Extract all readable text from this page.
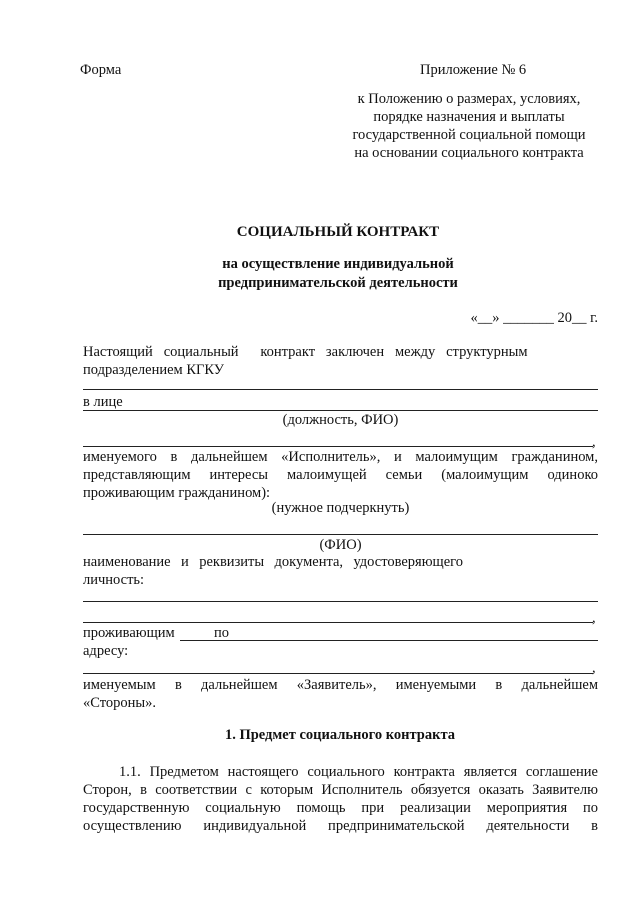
Форма	Приложение № 6
к Положению о размерах, условиях,
порядке назначения и выплаты
государственной социальной помощи
на основании социального контракта
СОЦИАЛЬНЫЙ КОНТРАКТ
на осуществление индивидуальной
предпринимательской деятельности
«__» _______ 20__ г.
Настоящий   социальный      контракт   заключен   между   структурным
подразделением КГКУ
в лице
(должность, ФИО)
,
именуемого в дальнейшем «Исполнитель», и малоимущим гражданином,
представляющим интересы малоимущей семьи (малоимущим одиноко
проживающим гражданином):
(нужное подчеркнуть)
(ФИО)
наименование и реквизиты документа, удостоверяющего
личность:
,
проживающим	по
адресу:
,
именуемым в дальнейшем «Заявитель», именуемыми в дальнейшем
«Стороны».
1. Предмет социального контракта
1.1. Предметом настоящего социального контракта является соглашение
Сторон, в соответствии с которым Исполнитель обязуется оказать Заявителю
государственную социальную помощь при реализации мероприятия по
осуществлению индивидуальной предпринимательской деятельности в
